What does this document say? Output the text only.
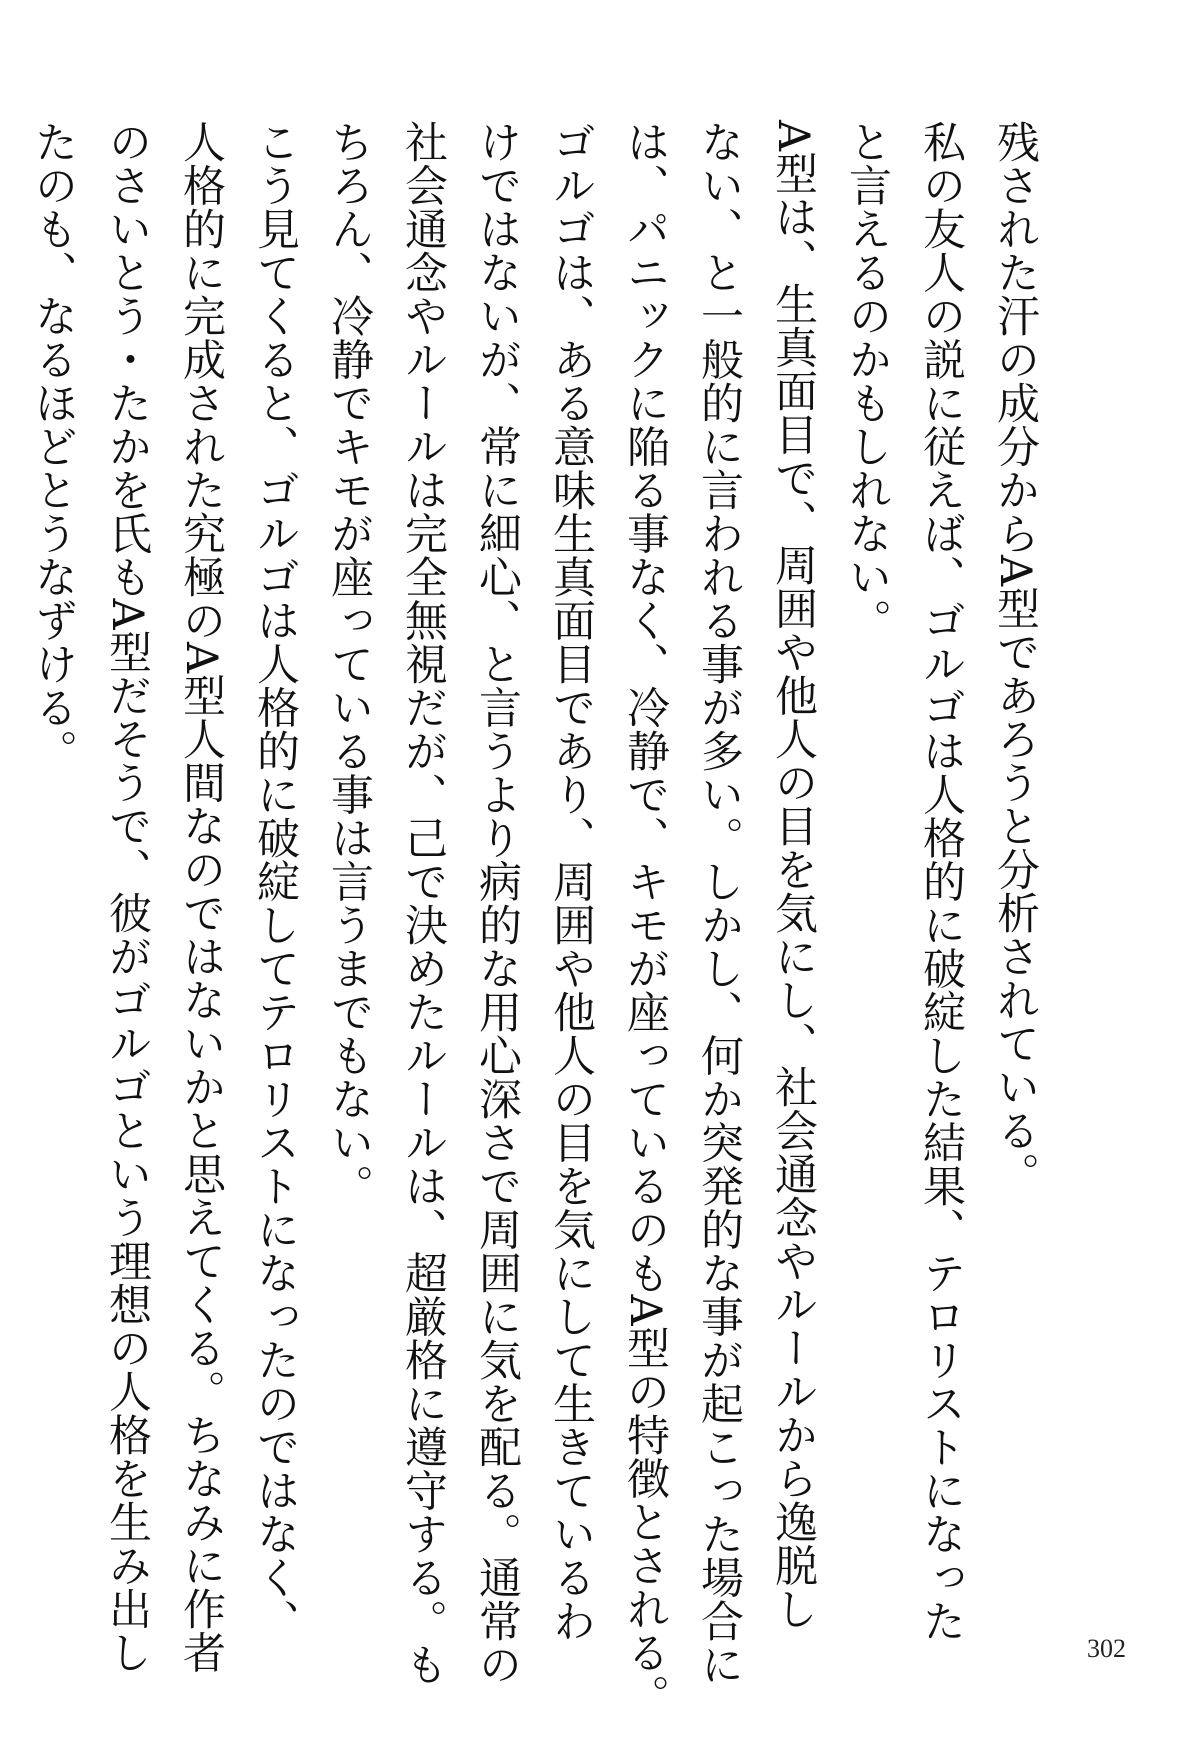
残された汗の成分からA型であろうと分析されている。
私の友人の説に従えば、ゴルゴは人格的に破綻した結果、テロリストになった
と言えるのかもしれない。
A型は、生真面目で、周囲や他人の目を気にし、社会通念やルールから逸脱し
ない、と一般的に言われる事が多い。しかし、何か突発的な事が起こった場合に
は、パニックに陥る事なく、冷静で、キモが座っているのもA型の特徴とされる。
ゴルゴは、ある意味生真面目であり、周囲や他人の目を気にして生きているわ
けではないが、常に細心、と言うより病的な用心深さで周囲に気を配る。通常の
社会通念やルールは完全無視だが、己で決めたルールは、超厳格に遵守する。も
ちろん、冷静でキモが座っている事は言うまでもない。
こう見てくると、ゴルゴは人格的に破綻してテロリストになったのではなく、
人格的に完成された究極のA型人間なのではないかと思えてくる。ちなみに作者
のさいとう・たかを氏もA型だそうで、彼がゴルゴという理想の人格を生み出し
たのも、なるほどとうなずける。
302
